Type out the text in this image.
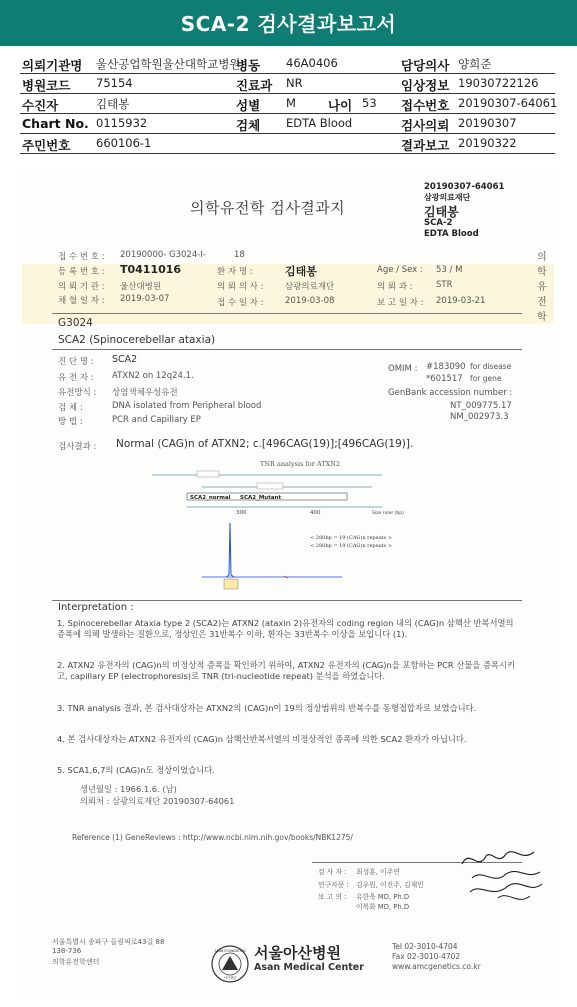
SCA-2 검사결과보고서
의뢰기관명 울산공업학원울산대학교병원
병동 46A0406	담당의사 양희준
병원코드 75154	진료과 NR	임상정보 19030722126
수진자	김태봉	성별 M	나이 53 접수번호 20190307-64061
Chart No. 0115932	검체 EDTA Blood	검사의뢰 20190307
주민번호 660106-1	결과보고 20190322
20190307-64061
삼광의료재단
김태봉
SCA-2
EDTA Blood
의학유전학 검사결과지
의학유전학
접 수 번 호 : 20190000- G3024-I-	18
등 록 번 호 : T0411016	환 자 명 :	김태봉	Age / Sex : 53 / M
의 뢰 기 관 : 울산대병원	의 뢰 의 사 :	삼광의료재단	의 뢰 과 :	STR
채 혈 일 자 : 2019-03-07	접 수 일 자 :	2019-03-08	보 고 일 자 : 2019-03-21
G3024
SCA2 (Spinocerebellar ataxia)
진 단 명 : SCA2
유 전 자 : ATXN2 on 12q24.1.
유전방식 : 상염색체우성유전
검 체 :	DNA isolated from Peripheral blood
방 법 :	PCR and Capillary EP
OMIM : #183090 for disease
*601517 for gene
GenBank accession number :
NT_009775.17
NM_002973.3
검사결과 : Normal (CAG)n of ATXN2; c.[496CAG(19)];[496CAG(19)].
TNR analysis for ATXN2
SCA2_normal SCA2_Mutant
300	400	Size ruler (bp)
< 280bp = 19 (CAG)n repeats >
< 280bp = 19 (CAG)n repeats >
Interpretation :
1. Spinocerebellar Ataxia type 2 (SCA2)는 ATXN2 (ataxin 2)유전자의 coding region 내의 (CAG)n 삼핵산 반복서열의 증폭에 의해 발생하는 질환으로, 정상인은 31반복수 이하, 환자는 33반복수 이상을 보입니다 (1).
2. ATXN2 유전자의 (CAG)n의 비정상적 증폭을 확인하기 위하여, ATXN2 유전자의 (CAG)n을 포함하는 PCR 산물을 증폭시키고, capillary EP (electrophoresis)로 TNR (tri-nucleotide repeat) 분석을 하였습니다.
3. TNR analysis 결과, 본 검사대상자는 ATXN2의 (CAG)n이 19의 정상범위의 반복수를 동형접합자로 보였습니다.
4. 본 검사대상자는 ATXN2 유전자의 (CAG)n 삼핵산반복서열의 비정상적인 증폭에 의한 SCA2 환자가 아닙니다.
5. SCA1,6,7의 (CAG)n도 정상이었습니다.
생년월일 : 1966.1.6. (남)
의뢰처 : 삼광의료재단 20190307-64061
Reference (1) GeneReviews : http://www.ncbi.nlm.nih.gov/books/NBK1275/
검 사 자 : 최성훈, 이주연
연구자문 : 김우원, 이진주, 김재민
보 고 의 : 유한욱 MD, Ph.D
이복화 MD, Ph.D
서울특별시 송파구 올림픽로43길 88
138-736
의학유전학센터
ASAN FOUNDATION
아산재단
서울아산병원
Asan Medical Center
Tel 02-3010-4704
Fax 02-3010-4702
www.amcgenetics.co.kr
